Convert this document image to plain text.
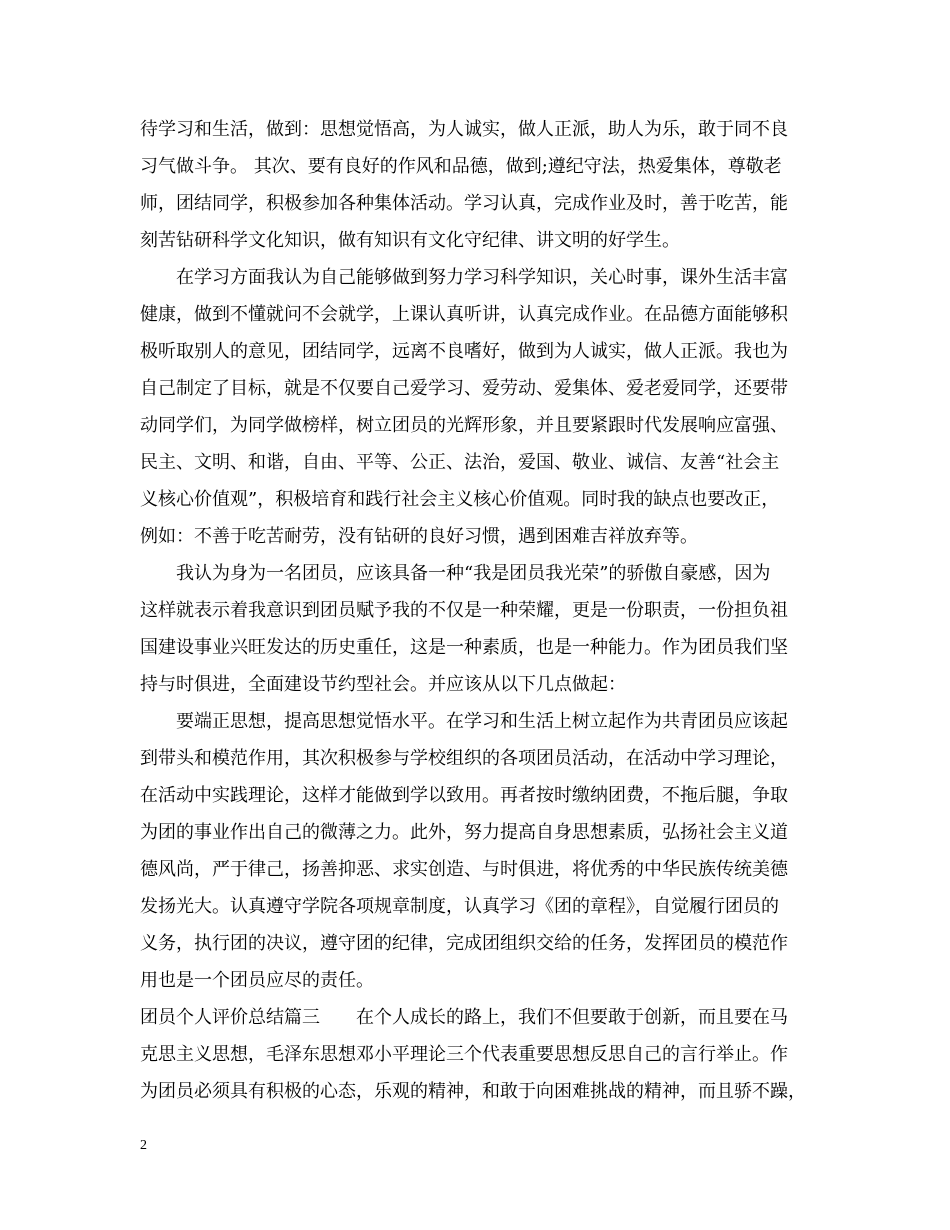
待学习和生活，做到：思想觉悟高，为人诚实，做人正派，助人为乐，敢于同不良
习气做斗争。 其次、要有良好的作风和品德，做到;遵纪守法，热爱集体，尊敬老
师，团结同学，积极参加各种集体活动。学习认真，完成作业及时，善于吃苦，能
刻苦钻研科学文化知识，做有知识有文化守纪律、讲文明的好学生。
在学习方面我认为自己能够做到努力学习科学知识，关心时事，课外生活丰富
健康，做到不懂就问不会就学，上课认真听讲，认真完成作业。在品德方面能够积
极听取别人的意见，团结同学，远离不良嗜好，做到为人诚实，做人正派。我也为
自己制定了目标，就是不仅要自己爱学习、爱劳动、爱集体、爱老爱同学，还要带
动同学们，为同学做榜样，树立团员的光辉形象，并且要紧跟时代发展响应富强、
民主、文明、和谐，自由、平等、公正、法治，爱国、敬业、诚信、友善“社会主
义核心价值观”，积极培育和践行社会主义核心价值观。同时我的缺点也要改正，
例如：不善于吃苦耐劳，没有钻研的良好习惯，遇到困难吉祥放弃等。
我认为身为一名团员，应该具备一种“我是团员我光荣”的骄傲自豪感，因为
这样就表示着我意识到团员赋予我的不仅是一种荣耀，更是一份职责，一份担负祖
国建设事业兴旺发达的历史重任，这是一种素质，也是一种能力。作为团员我们坚
持与时俱进，全面建设节约型社会。并应该从以下几点做起：
要端正思想，提高思想觉悟水平。在学习和生活上树立起作为共青团员应该起
到带头和模范作用，其次积极参与学校组织的各项团员活动，在活动中学习理论，
在活动中实践理论，这样才能做到学以致用。再者按时缴纳团费，不拖后腿，争取
为团的事业作出自己的微薄之力。此外，努力提高自身思想素质，弘扬社会主义道
德风尚，严于律己，扬善抑恶、求实创造、与时俱进，将优秀的中华民族传统美德
发扬光大。认真遵守学院各项规章制度，认真学习《团的章程》，自觉履行团员的
义务，执行团的决议，遵守团的纪律，完成团组织交给的任务，发挥团员的模范作
用也是一个团员应尽的责任。
团员个人评价总结篇三　　在个人成长的路上，我们不但要敢于创新，而且要在马
克思主义思想，毛泽东思想邓小平理论三个代表重要思想反思自己的言行举止。作
为团员必须具有积极的心态，乐观的精神，和敢于向困难挑战的精神，而且骄不躁，
2
